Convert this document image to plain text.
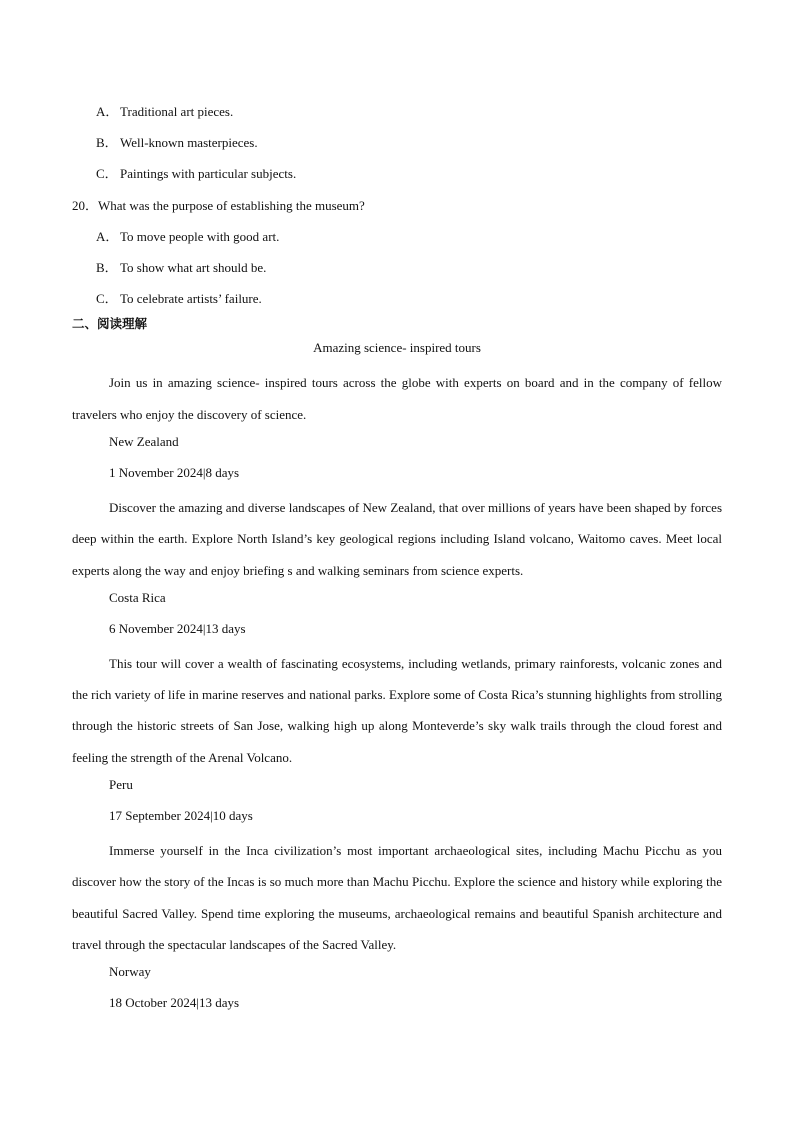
A． Traditional art pieces.
B． Well-known masterpieces.
C． Paintings with particular subjects.
20．What was the purpose of establishing the museum?
A． To move people with good art.
B． To show what art should be.
C． To celebrate artists’ failure.
二、阅读理解
Amazing science- inspired tours

Join us in amazing science- inspired tours across the globe with experts on board and in the company of fellow travelers who enjoy the discovery of science.

New Zealand
1 November 2024|8 days

Discover the amazing and diverse landscapes of New Zealand, that over millions of years have been shaped by forces deep within the earth. Explore North Island’s key geological regions including Island volcano, Waitomo caves. Meet local experts along the way and enjoy briefing s and walking seminars from science experts.

Costa Rica
6 November 2024|13 days

This tour will cover a wealth of fascinating ecosystems, including wetlands, primary rainforests, volcanic zones and the rich variety of life in marine reserves and national parks. Explore some of Costa Rica’s stunning highlights from strolling through the historic streets of San Jose, walking high up along Monteverde’s sky walk trails through the cloud forest and feeling the strength of the Arenal Volcano.

Peru
17 September 2024|10 days

Immerse yourself in the Inca civilization’s most important archaeological sites, including Machu Picchu as you discover how the story of the Incas is so much more than Machu Picchu. Explore the science and history while exploring the beautiful Sacred Valley. Spend time exploring the museums, archaeological remains and beautiful Spanish architecture and travel through the spectacular landscapes of the Sacred Valley.

Norway
18 October 2024|13 days
